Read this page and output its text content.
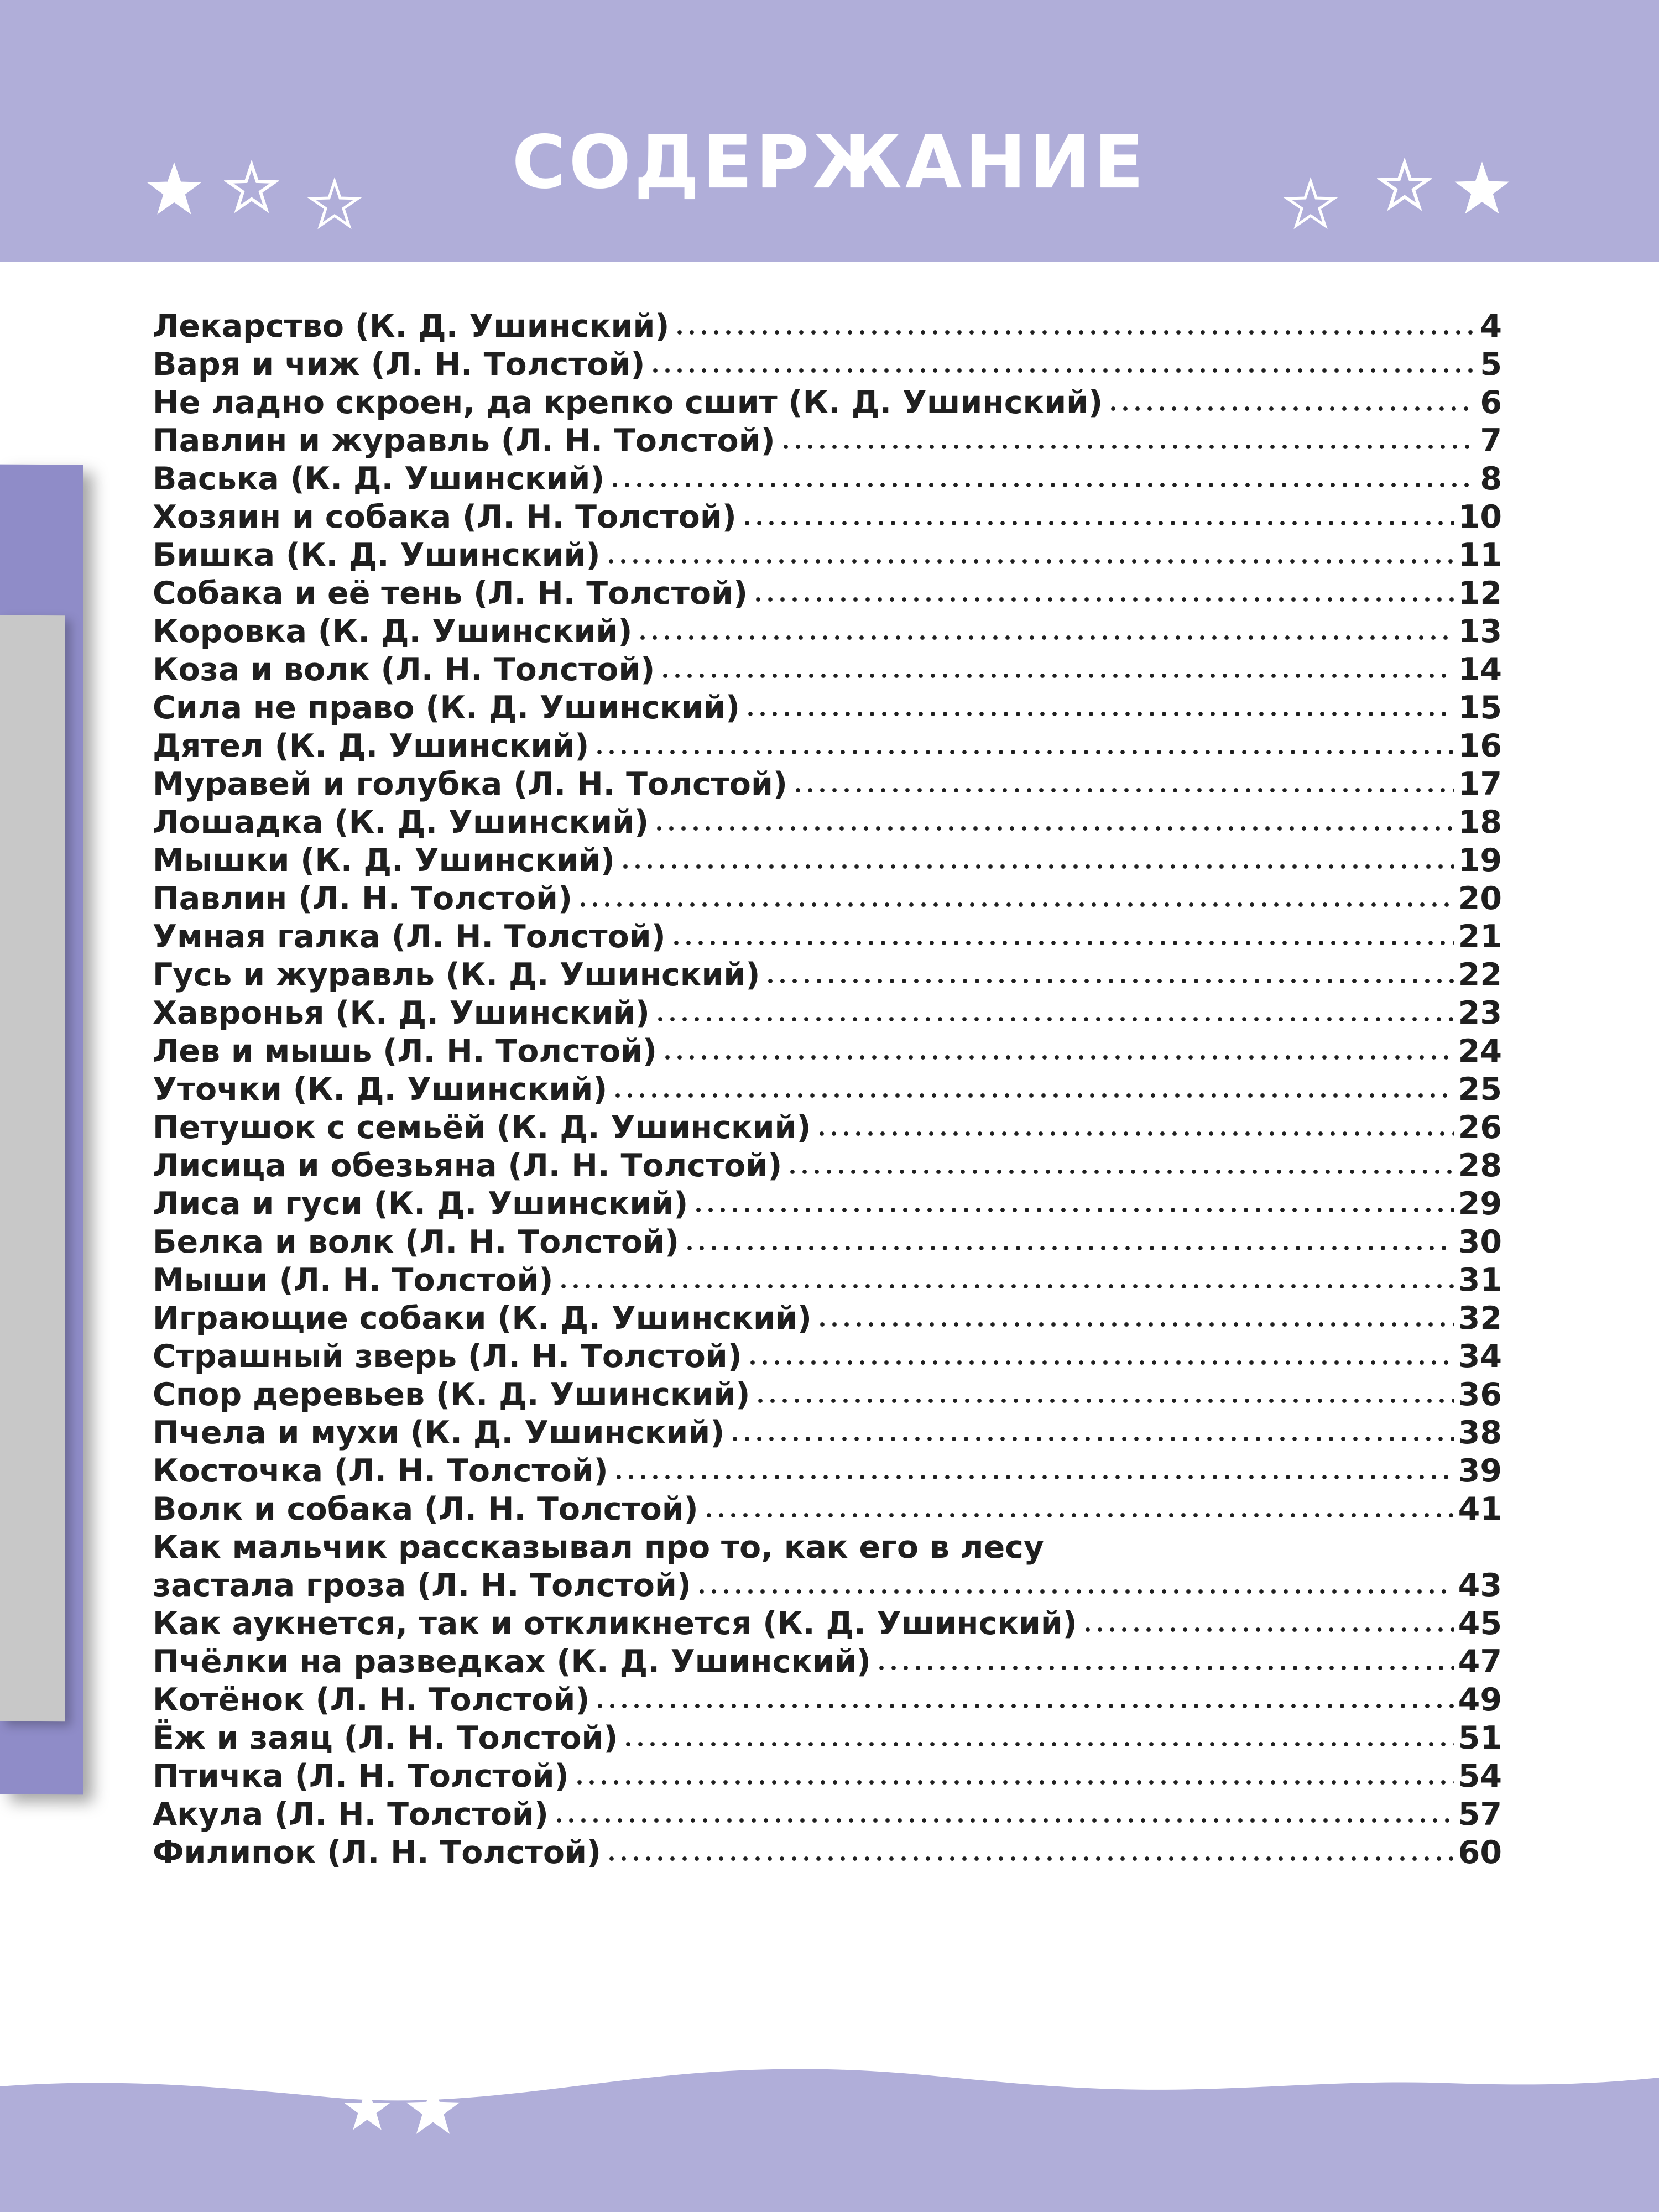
СОДЕРЖАНИЕ
Лекарство (К. Д. Ушинский)	4
Варя и чиж (Л. Н. Толстой)	5
Не ладно скроен, да крепко сшит (К. Д. Ушинский)	6
Павлин и журавль (Л. Н. Толстой)	7
Васька (К. Д. Ушинский)	8
Хозяин и собака (Л. Н. Толстой)	10
Бишка (К. Д. Ушинский)	11
Собака и её тень (Л. Н. Толстой)	12
Коровка (К. Д. Ушинский)	13
Коза и волк (Л. Н. Толстой)	14
Сила не право (К. Д. Ушинский)	15
Дятел (К. Д. Ушинский)	16
Муравей и голубка (Л. Н. Толстой)	17
Лошадка (К. Д. Ушинский)	18
Мышки (К. Д. Ушинский)	19
Павлин (Л. Н. Толстой)	20
Умная галка (Л. Н. Толстой)	21
Гусь и журавль (К. Д. Ушинский)	22
Хавронья (К. Д. Ушинский)	23
Лев и мышь (Л. Н. Толстой)	24
Уточки (К. Д. Ушинский)	25
Петушок с семьёй (К. Д. Ушинский)	26
Лисица и обезьяна (Л. Н. Толстой)	28
Лиса и гуси (К. Д. Ушинский)	29
Белка и волк (Л. Н. Толстой)	30
Мыши (Л. Н. Толстой)	31
Играющие собаки (К. Д. Ушинский)	32
Страшный зверь (Л. Н. Толстой)	34
Спор деревьев (К. Д. Ушинский)	36
Пчела и мухи (К. Д. Ушинский)	38
Косточка (Л. Н. Толстой)	39
Волк и собака (Л. Н. Толстой)	41
Как мальчик рассказывал про то, как его в лесу
застала гроза (Л. Н. Толстой)	43
Как аукнется, так и откликнется (К. Д. Ушинский)	45
Пчёлки на разведках (К. Д. Ушинский)	47
Котёнок (Л. Н. Толстой)	49
Ёж и заяц (Л. Н. Толстой)	51
Птичка (Л. Н. Толстой)	54
Акула (Л. Н. Толстой)	57
Филипок (Л. Н. Толстой)	60
